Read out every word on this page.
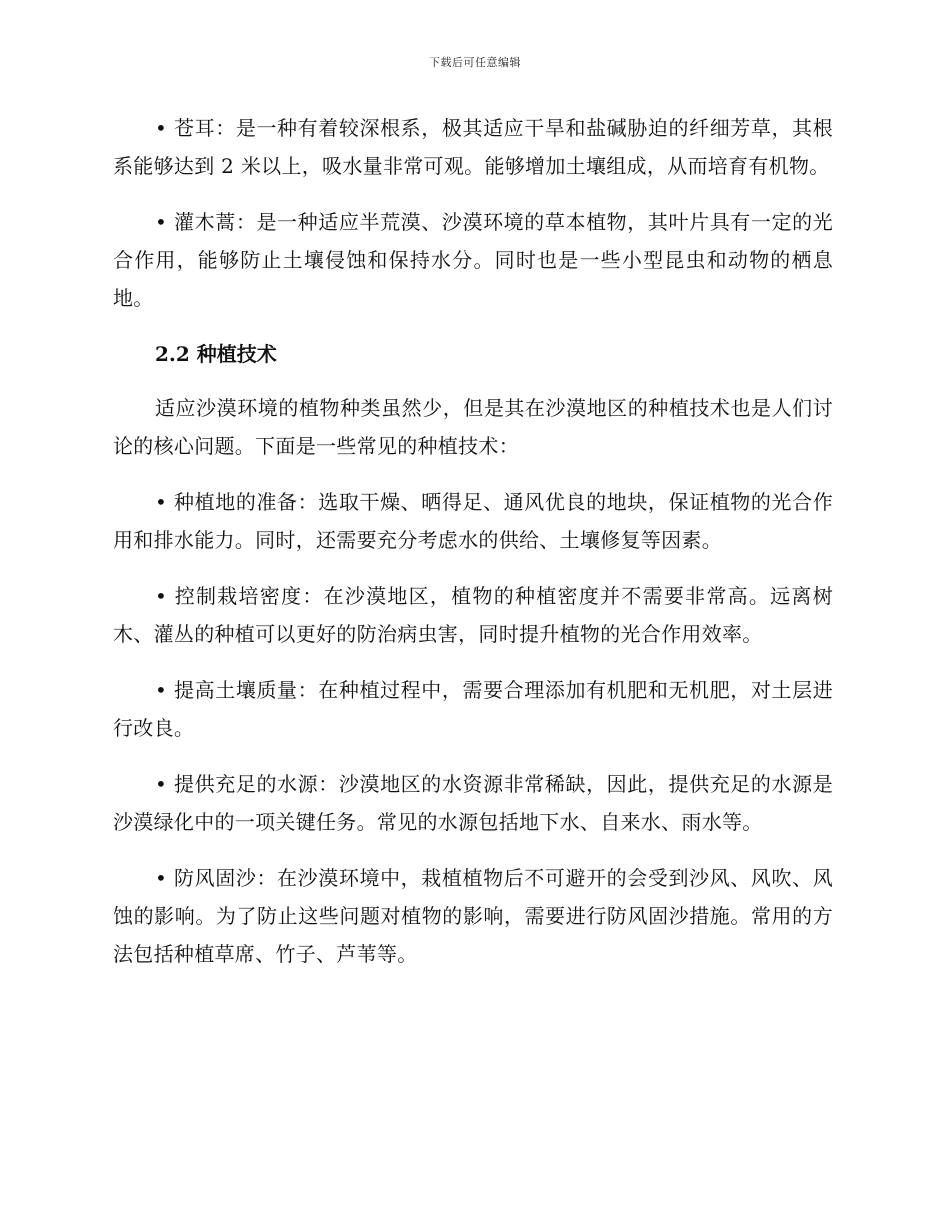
下载后可任意编辑

• 苍耳：是一种有着较深根系，极其适应干旱和盐碱胁迫的纤细芳草，其根系能够达到 2 米以上，吸水量非常可观。能够增加土壤组成，从而培育有机物。

• 灌木蒿：是一种适应半荒漠、沙漠环境的草本植物，其叶片具有一定的光合作用，能够防止土壤侵蚀和保持水分。同时也是一些小型昆虫和动物的栖息地。

2.2 种植技术

适应沙漠环境的植物种类虽然少，但是其在沙漠地区的种植技术也是人们讨论的核心问题。下面是一些常见的种植技术：

• 种植地的准备：选取干燥、晒得足、通风优良的地块，保证植物的光合作用和排水能力。同时，还需要充分考虑水的供给、土壤修复等因素。

• 控制栽培密度：在沙漠地区，植物的种植密度并不需要非常高。远离树木、灌丛的种植可以更好的防治病虫害，同时提升植物的光合作用效率。

• 提高土壤质量：在种植过程中，需要合理添加有机肥和无机肥，对土层进行改良。

• 提供充足的水源：沙漠地区的水资源非常稀缺，因此，提供充足的水源是沙漠绿化中的一项关键任务。常见的水源包括地下水、自来水、雨水等。

• 防风固沙：在沙漠环境中，栽植植物后不可避开的会受到沙风、风吹、风蚀的影响。为了防止这些问题对植物的影响，需要进行防风固沙措施。常用的方法包括种植草席、竹子、芦苇等。
